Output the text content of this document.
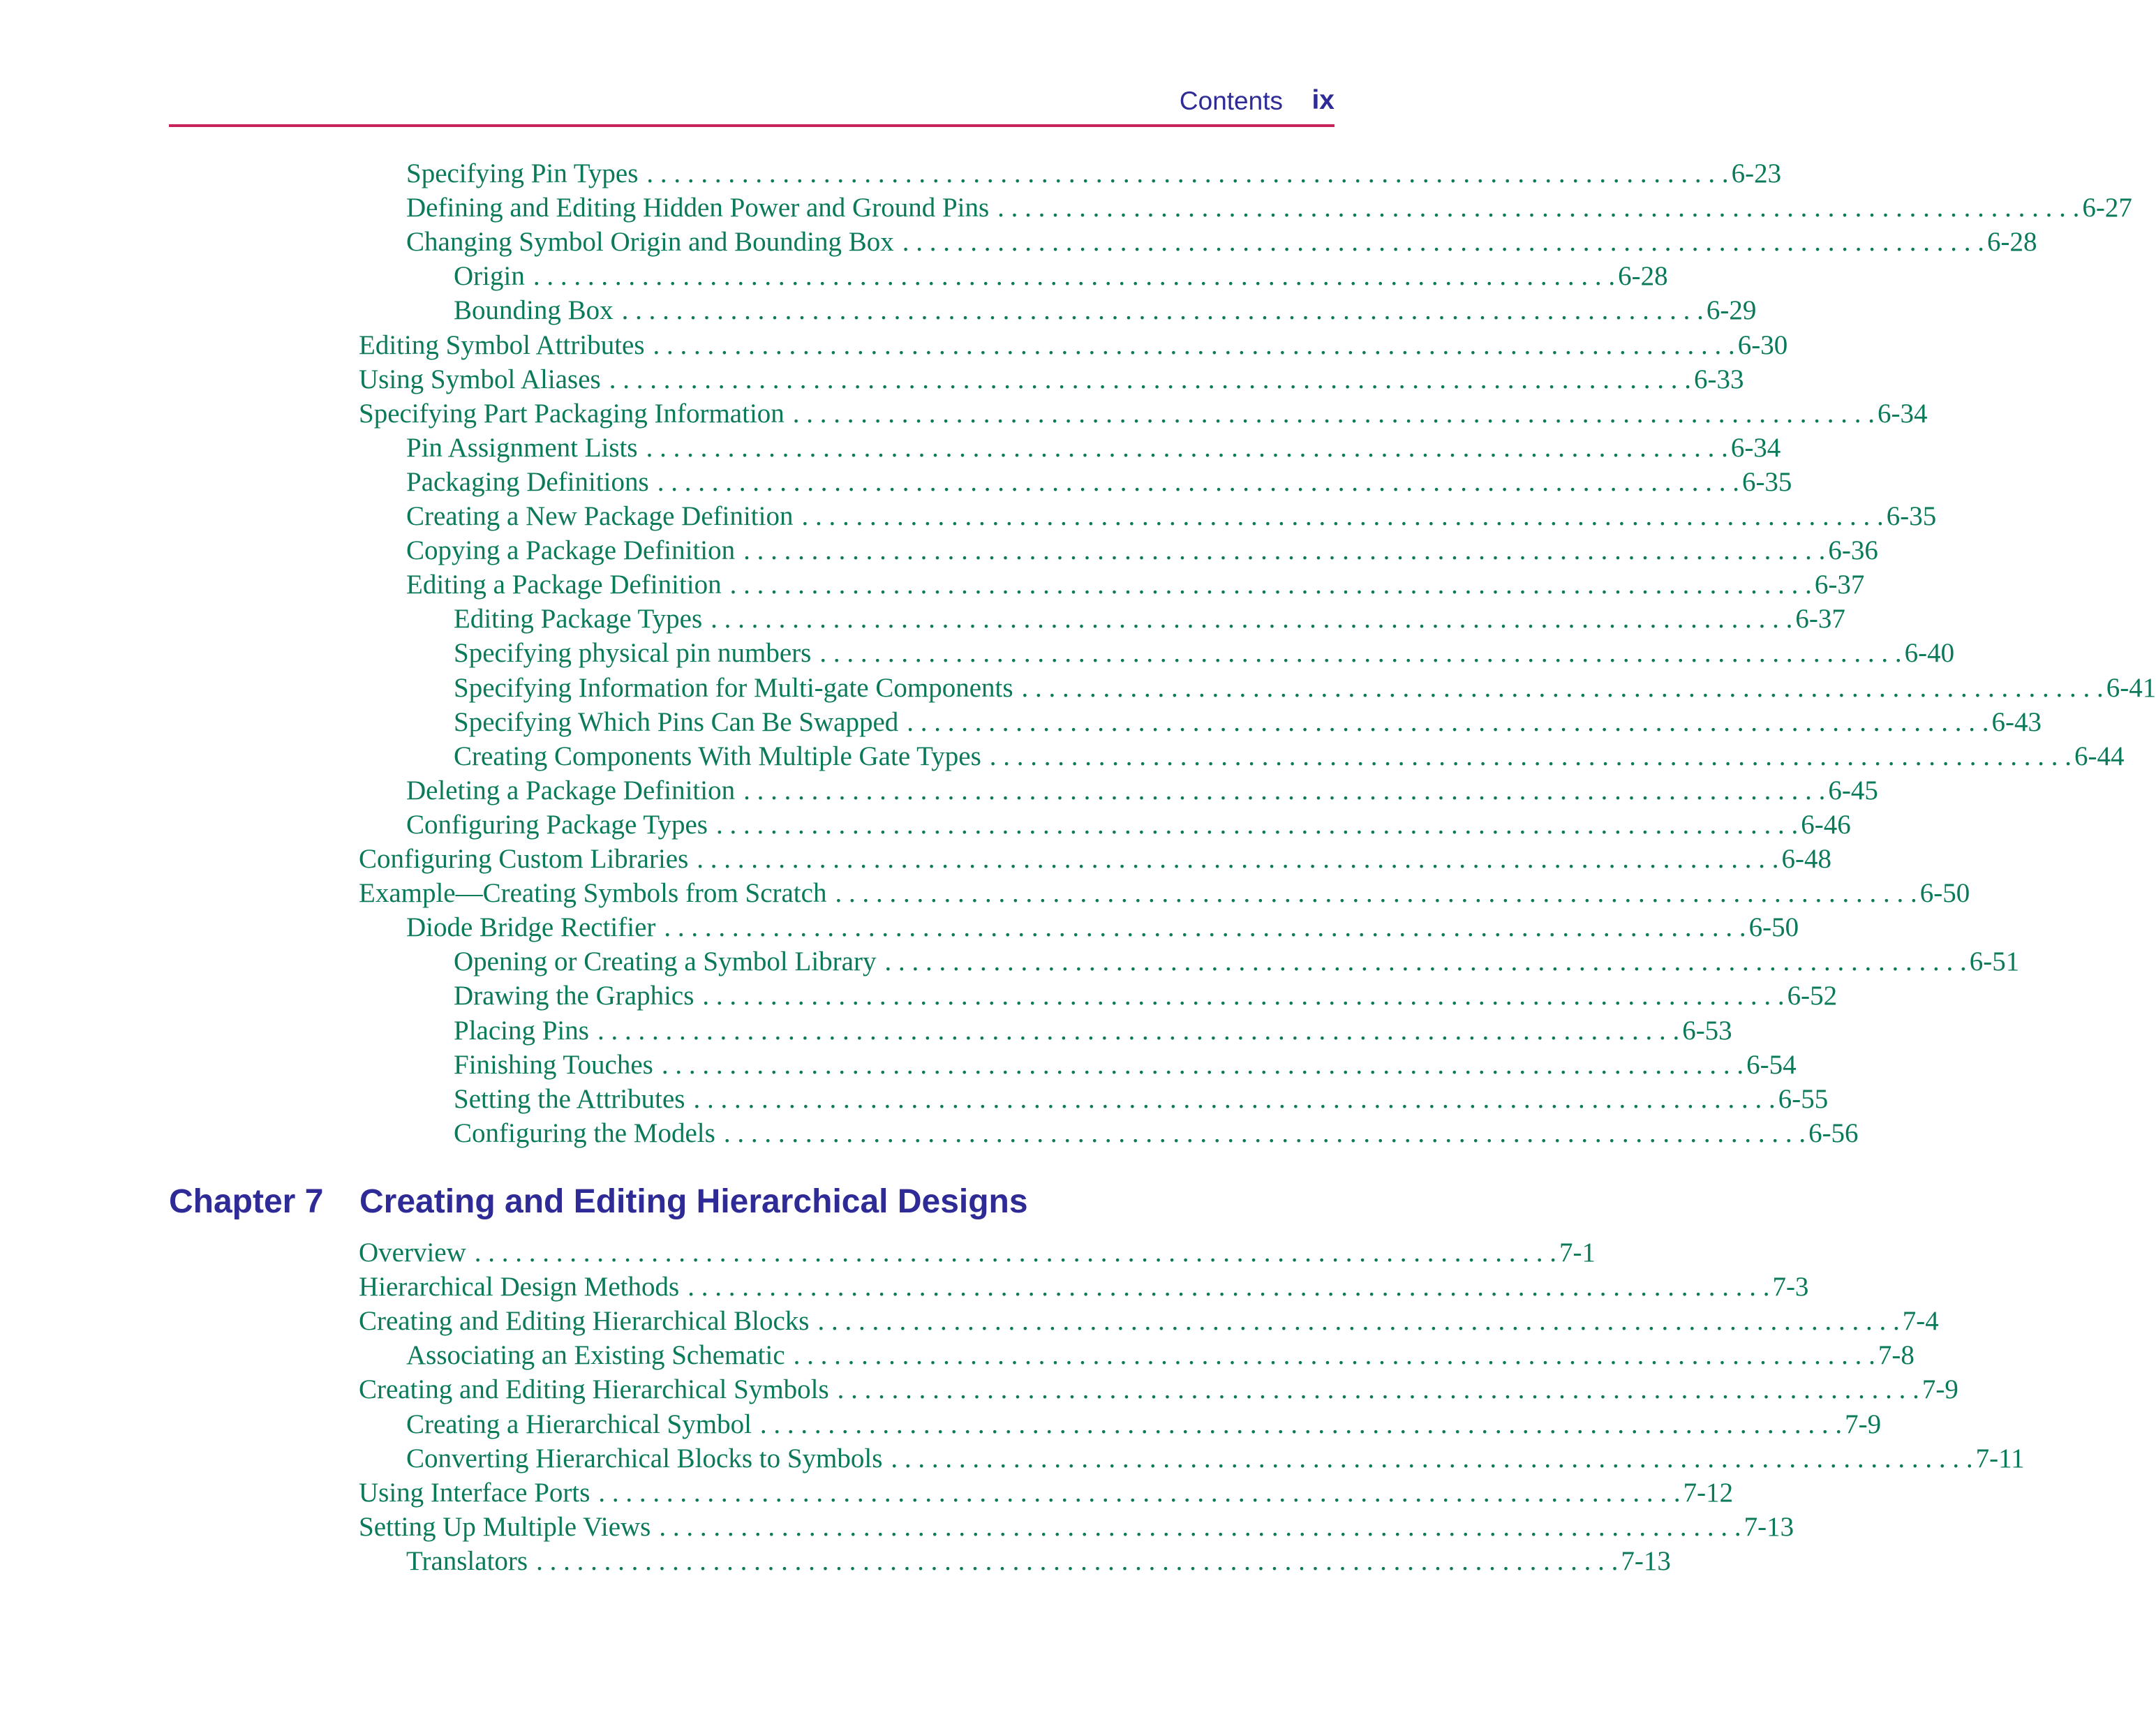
Contents ix
Specifying Pin Types . . . . . . . . . . . . . . . . . . . . . . . . . . . . . . . . . . . . . . . . . . . . . . . . . . . . . . . . . . . . . . . . . . . . . . . . . . . . . . . . 6-23
Defining and Editing Hidden Power and Ground Pins . . . . . . . . . . . . . . . . . . . . . . . . . . . . . . . . . . . . . . . . . . . . . . . . . . . . . . . . . . . . . . . . . . . . . . . . . . . . . . . . 6-27
Changing Symbol Origin and Bounding Box . . . . . . . . . . . . . . . . . . . . . . . . . . . . . . . . . . . . . . . . . . . . . . . . . . . . . . . . . . . . . . . . . . . . . . . . . . . . . . . . 6-28
Origin . . . . . . . . . . . . . . . . . . . . . . . . . . . . . . . . . . . . . . . . . . . . . . . . . . . . . . . . . . . . . . . . . . . . . . . . . . . . . . . . 6-28
Bounding Box . . . . . . . . . . . . . . . . . . . . . . . . . . . . . . . . . . . . . . . . . . . . . . . . . . . . . . . . . . . . . . . . . . . . . . . . . . . . . . . . 6-29
Editing Symbol Attributes . . . . . . . . . . . . . . . . . . . . . . . . . . . . . . . . . . . . . . . . . . . . . . . . . . . . . . . . . . . . . . . . . . . . . . . . . . . . . . . . 6-30
Using Symbol Aliases . . . . . . . . . . . . . . . . . . . . . . . . . . . . . . . . . . . . . . . . . . . . . . . . . . . . . . . . . . . . . . . . . . . . . . . . . . . . . . . . 6-33
Specifying Part Packaging Information . . . . . . . . . . . . . . . . . . . . . . . . . . . . . . . . . . . . . . . . . . . . . . . . . . . . . . . . . . . . . . . . . . . . . . . . . . . . . . . . 6-34
Pin Assignment Lists . . . . . . . . . . . . . . . . . . . . . . . . . . . . . . . . . . . . . . . . . . . . . . . . . . . . . . . . . . . . . . . . . . . . . . . . . . . . . . . . 6-34
Packaging Definitions . . . . . . . . . . . . . . . . . . . . . . . . . . . . . . . . . . . . . . . . . . . . . . . . . . . . . . . . . . . . . . . . . . . . . . . . . . . . . . . . 6-35
Creating a New Package Definition . . . . . . . . . . . . . . . . . . . . . . . . . . . . . . . . . . . . . . . . . . . . . . . . . . . . . . . . . . . . . . . . . . . . . . . . . . . . . . . . 6-35
Copying a Package Definition . . . . . . . . . . . . . . . . . . . . . . . . . . . . . . . . . . . . . . . . . . . . . . . . . . . . . . . . . . . . . . . . . . . . . . . . . . . . . . . . 6-36
Editing a Package Definition . . . . . . . . . . . . . . . . . . . . . . . . . . . . . . . . . . . . . . . . . . . . . . . . . . . . . . . . . . . . . . . . . . . . . . . . . . . . . . . . 6-37
Editing Package Types . . . . . . . . . . . . . . . . . . . . . . . . . . . . . . . . . . . . . . . . . . . . . . . . . . . . . . . . . . . . . . . . . . . . . . . . . . . . . . . . 6-37
Specifying physical pin numbers . . . . . . . . . . . . . . . . . . . . . . . . . . . . . . . . . . . . . . . . . . . . . . . . . . . . . . . . . . . . . . . . . . . . . . . . . . . . . . . . 6-40
Specifying Information for Multi-gate Components . . . . . . . . . . . . . . . . . . . . . . . . . . . . . . . . . . . . . . . . . . . . . . . . . . . . . . . . . . . . . . . . . . . . . . . . . . . . . . . . 6-41
Specifying Which Pins Can Be Swapped . . . . . . . . . . . . . . . . . . . . . . . . . . . . . . . . . . . . . . . . . . . . . . . . . . . . . . . . . . . . . . . . . . . . . . . . . . . . . . . . 6-43
Creating Components With Multiple Gate Types . . . . . . . . . . . . . . . . . . . . . . . . . . . . . . . . . . . . . . . . . . . . . . . . . . . . . . . . . . . . . . . . . . . . . . . . . . . . . . . . 6-44
Deleting a Package Definition . . . . . . . . . . . . . . . . . . . . . . . . . . . . . . . . . . . . . . . . . . . . . . . . . . . . . . . . . . . . . . . . . . . . . . . . . . . . . . . . 6-45
Configuring Package Types . . . . . . . . . . . . . . . . . . . . . . . . . . . . . . . . . . . . . . . . . . . . . . . . . . . . . . . . . . . . . . . . . . . . . . . . . . . . . . . . 6-46
Configuring Custom Libraries . . . . . . . . . . . . . . . . . . . . . . . . . . . . . . . . . . . . . . . . . . . . . . . . . . . . . . . . . . . . . . . . . . . . . . . . . . . . . . . . 6-48
Example—Creating Symbols from Scratch . . . . . . . . . . . . . . . . . . . . . . . . . . . . . . . . . . . . . . . . . . . . . . . . . . . . . . . . . . . . . . . . . . . . . . . . . . . . . . . . 6-50
Diode Bridge Rectifier . . . . . . . . . . . . . . . . . . . . . . . . . . . . . . . . . . . . . . . . . . . . . . . . . . . . . . . . . . . . . . . . . . . . . . . . . . . . . . . . 6-50
Opening or Creating a Symbol Library . . . . . . . . . . . . . . . . . . . . . . . . . . . . . . . . . . . . . . . . . . . . . . . . . . . . . . . . . . . . . . . . . . . . . . . . . . . . . . . . 6-51
Drawing the Graphics . . . . . . . . . . . . . . . . . . . . . . . . . . . . . . . . . . . . . . . . . . . . . . . . . . . . . . . . . . . . . . . . . . . . . . . . . . . . . . . . 6-52
Placing Pins . . . . . . . . . . . . . . . . . . . . . . . . . . . . . . . . . . . . . . . . . . . . . . . . . . . . . . . . . . . . . . . . . . . . . . . . . . . . . . . . 6-53
Finishing Touches . . . . . . . . . . . . . . . . . . . . . . . . . . . . . . . . . . . . . . . . . . . . . . . . . . . . . . . . . . . . . . . . . . . . . . . . . . . . . . . . 6-54
Setting the Attributes . . . . . . . . . . . . . . . . . . . . . . . . . . . . . . . . . . . . . . . . . . . . . . . . . . . . . . . . . . . . . . . . . . . . . . . . . . . . . . . . 6-55
Configuring the Models . . . . . . . . . . . . . . . . . . . . . . . . . . . . . . . . . . . . . . . . . . . . . . . . . . . . . . . . . . . . . . . . . . . . . . . . . . . . . . . . 6-56
Chapter 7 Creating and Editing Hierarchical Designs
Overview . . . . . . . . . . . . . . . . . . . . . . . . . . . . . . . . . . . . . . . . . . . . . . . . . . . . . . . . . . . . . . . . . . . . . . . . . . . . . . . . 7-1
Hierarchical Design Methods . . . . . . . . . . . . . . . . . . . . . . . . . . . . . . . . . . . . . . . . . . . . . . . . . . . . . . . . . . . . . . . . . . . . . . . . . . . . . . . . 7-3
Creating and Editing Hierarchical Blocks . . . . . . . . . . . . . . . . . . . . . . . . . . . . . . . . . . . . . . . . . . . . . . . . . . . . . . . . . . . . . . . . . . . . . . . . . . . . . . . . 7-4
Associating an Existing Schematic . . . . . . . . . . . . . . . . . . . . . . . . . . . . . . . . . . . . . . . . . . . . . . . . . . . . . . . . . . . . . . . . . . . . . . . . . . . . . . . . 7-8
Creating and Editing Hierarchical Symbols . . . . . . . . . . . . . . . . . . . . . . . . . . . . . . . . . . . . . . . . . . . . . . . . . . . . . . . . . . . . . . . . . . . . . . . . . . . . . . . . 7-9
Creating a Hierarchical Symbol . . . . . . . . . . . . . . . . . . . . . . . . . . . . . . . . . . . . . . . . . . . . . . . . . . . . . . . . . . . . . . . . . . . . . . . . . . . . . . . . 7-9
Converting Hierarchical Blocks to Symbols . . . . . . . . . . . . . . . . . . . . . . . . . . . . . . . . . . . . . . . . . . . . . . . . . . . . . . . . . . . . . . . . . . . . . . . . . . . . . . . . 7-11
Using Interface Ports . . . . . . . . . . . . . . . . . . . . . . . . . . . . . . . . . . . . . . . . . . . . . . . . . . . . . . . . . . . . . . . . . . . . . . . . . . . . . . . . 7-12
Setting Up Multiple Views . . . . . . . . . . . . . . . . . . . . . . . . . . . . . . . . . . . . . . . . . . . . . . . . . . . . . . . . . . . . . . . . . . . . . . . . . . . . . . . . 7-13
Translators . . . . . . . . . . . . . . . . . . . . . . . . . . . . . . . . . . . . . . . . . . . . . . . . . . . . . . . . . . . . . . . . . . . . . . . . . . . . . . . . 7-13
